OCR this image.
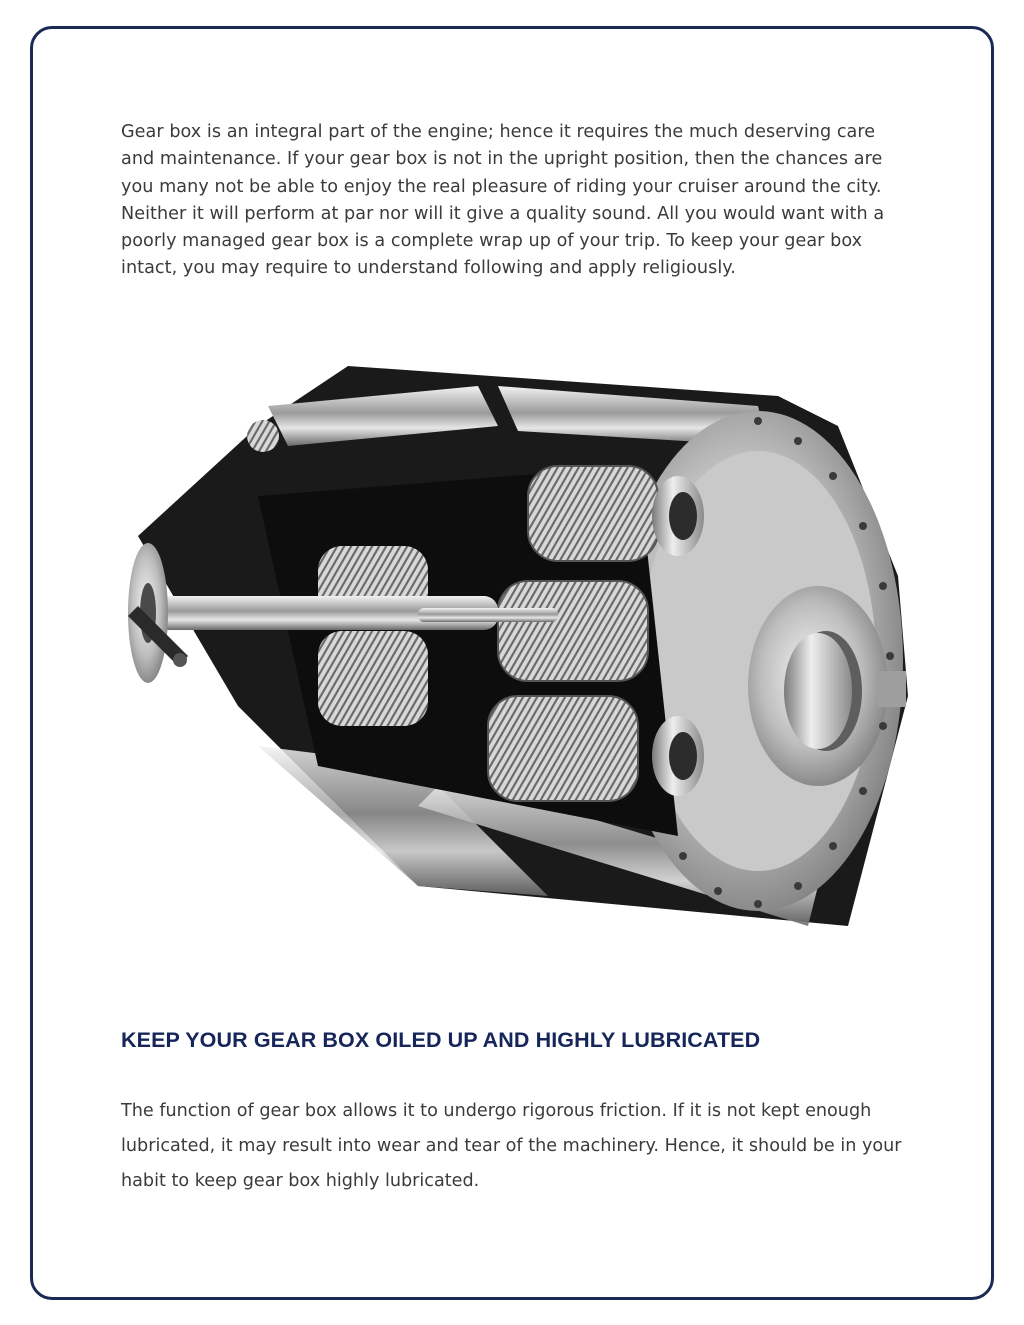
Gear box is an integral part of the engine; hence it requires the much deserving care and maintenance. If your gear box is not in the upright position, then the chances are you many not be able to enjoy the real pleasure of riding your cruiser around the city. Neither it will perform at par nor will it give a quality sound. All you would want with a poorly managed gear box is a complete wrap up of your trip. To keep your gear box intact, you may require to understand following and apply religiously.

KEEP YOUR GEAR BOX OILED UP AND HIGHLY LUBRICATED

The function of gear box allows it to undergo rigorous friction. If it is not kept enough lubricated, it may result into wear and tear of the machinery. Hence, it should be in your habit to keep gear box highly lubricated.
